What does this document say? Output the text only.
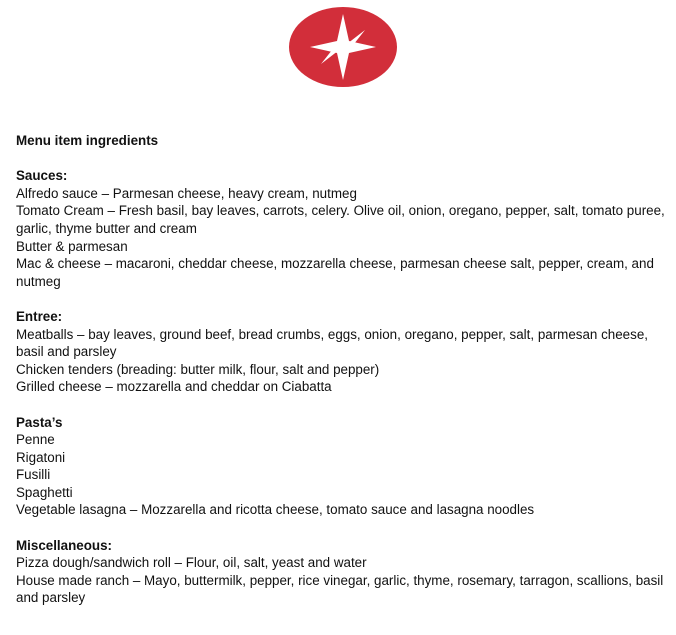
Menu item ingredients
Sauces:
Alfredo sauce – Parmesan cheese, heavy cream, nutmeg
Tomato Cream – Fresh basil, bay leaves, carrots, celery. Olive oil, onion, oregano, pepper, salt, tomato puree, garlic, thyme butter and cream
Butter & parmesan
Mac & cheese – macaroni, cheddar cheese, mozzarella cheese, parmesan cheese salt, pepper, cream, and nutmeg
Entree:
Meatballs – bay leaves, ground beef, bread crumbs, eggs, onion, oregano, pepper, salt, parmesan cheese, basil and parsley
Chicken tenders (breading: butter milk, flour, salt and pepper)
Grilled cheese – mozzarella and cheddar on Ciabatta
Pasta’s
Penne
Rigatoni
Fusilli
Spaghetti
Vegetable lasagna – Mozzarella and ricotta cheese, tomato sauce and lasagna noodles
Miscellaneous:
Pizza dough/sandwich roll – Flour, oil, salt, yeast and water
House made ranch – Mayo, buttermilk, pepper, rice vinegar, garlic, thyme, rosemary, tarragon, scallions, basil and parsley
